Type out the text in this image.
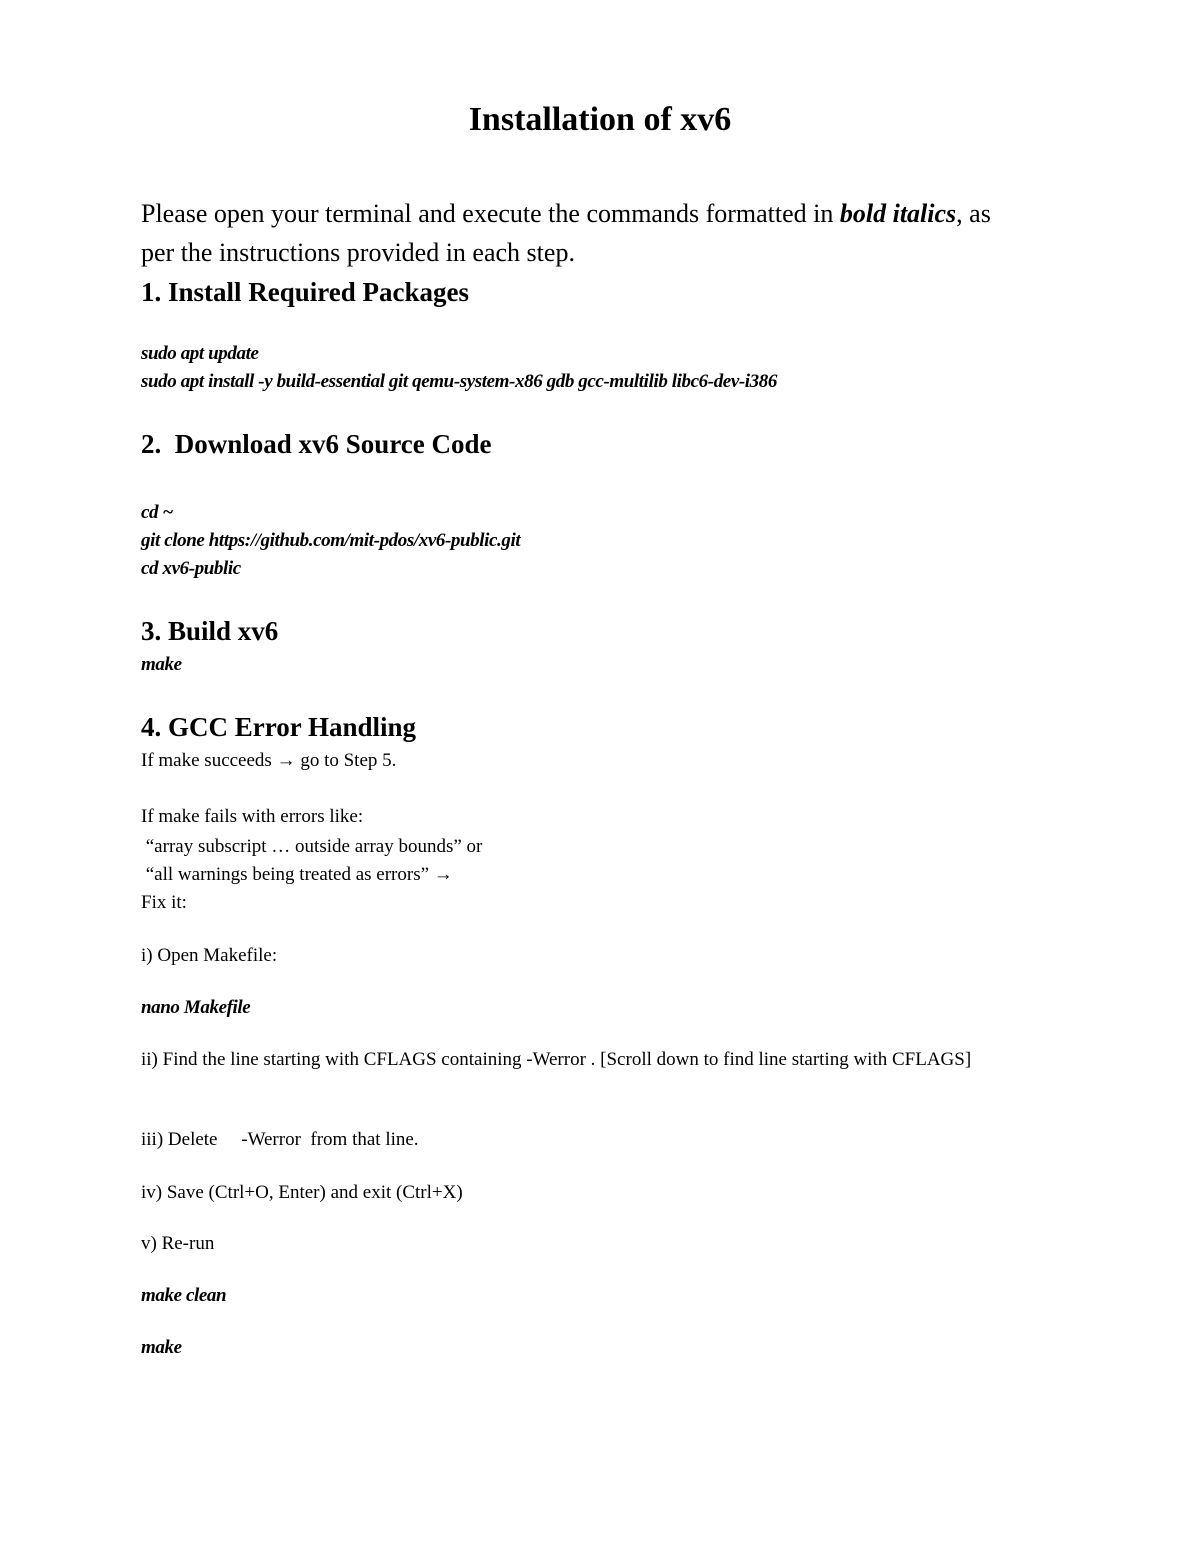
Installation of xv6
Please open your terminal and execute the commands formatted in bold italics, as per the instructions provided in each step.
1. Install Required Packages
sudo apt update
sudo apt install -y build-essential git qemu-system-x86 gdb gcc-multilib libc6-dev-i386
2.  Download xv6 Source Code
cd ~
git clone https://github.com/mit-pdos/xv6-public.git
cd xv6-public
3. Build xv6
make
4. GCC Error Handling
If make succeeds → go to Step 5.
If make fails with errors like:
“array subscript … outside array bounds” or
“all warnings being treated as errors” →
Fix it:
i) Open Makefile:
nano Makefile
ii) Find the line starting with CFLAGS containing -Werror . [Scroll down to find line starting with CFLAGS]
iii) Delete     -Werror  from that line.
iv) Save (Ctrl+O, Enter) and exit (Ctrl+X)
v) Re-run
make clean
make
